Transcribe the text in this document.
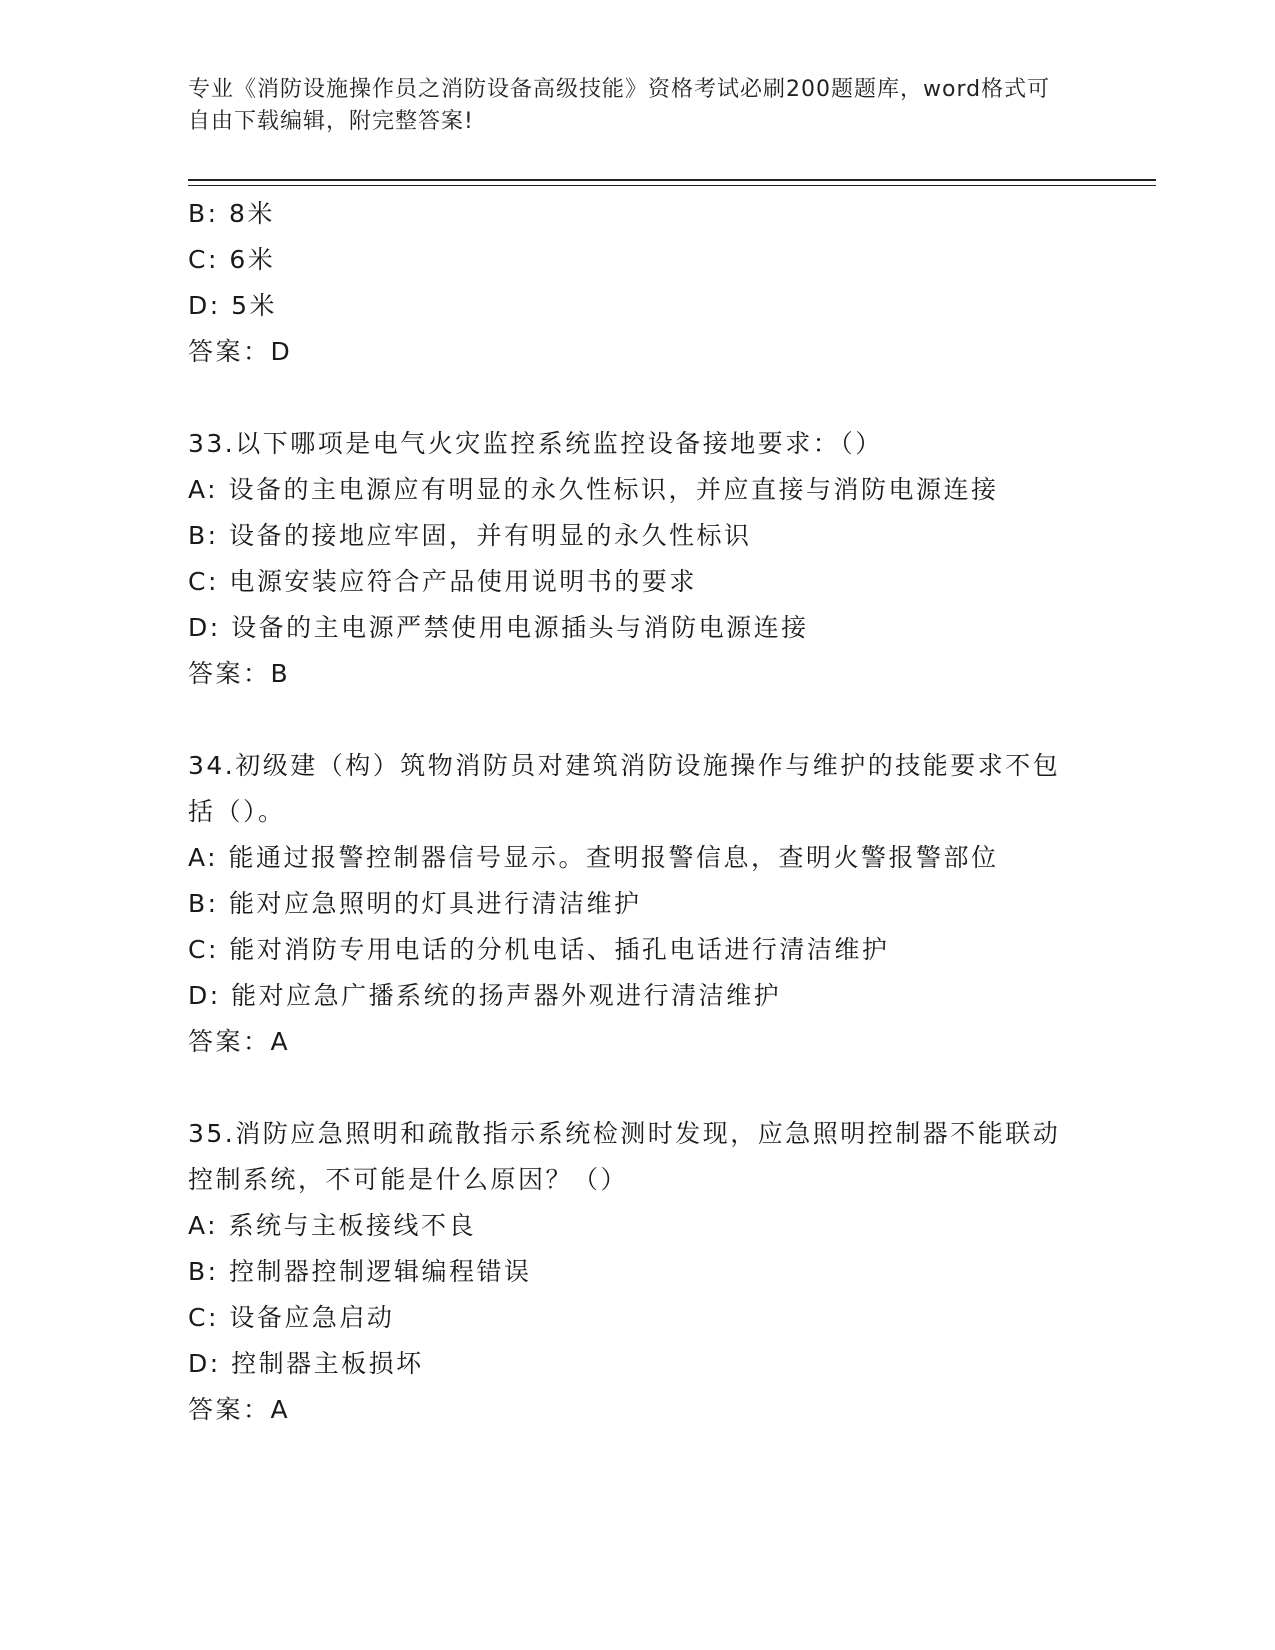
专业《消防设施操作员之消防设备高级技能》资格考试必刷200题题库，word格式可自由下载编辑，附完整答案!
B: 8米
C: 6米
D: 5米
答案：D
33.以下哪项是电气火灾监控系统监控设备接地要求：（）
A: 设备的主电源应有明显的永久性标识，并应直接与消防电源连接
B: 设备的接地应牢固，并有明显的永久性标识
C: 电源安装应符合产品使用说明书的要求
D: 设备的主电源严禁使用电源插头与消防电源连接
答案：B
34.初级建（构）筑物消防员对建筑消防设施操作与维护的技能要求不包括（）。
A: 能通过报警控制器信号显示。查明报警信息，查明火警报警部位
B: 能对应急照明的灯具进行清洁维护
C: 能对消防专用电话的分机电话、插孔电话进行清洁维护
D: 能对应急广播系统的扬声器外观进行清洁维护
答案：A
35.消防应急照明和疏散指示系统检测时发现，应急照明控制器不能联动控制系统，不可能是什么原因？（）
A: 系统与主板接线不良
B: 控制器控制逻辑编程错误
C: 设备应急启动
D: 控制器主板损坏
答案：A
